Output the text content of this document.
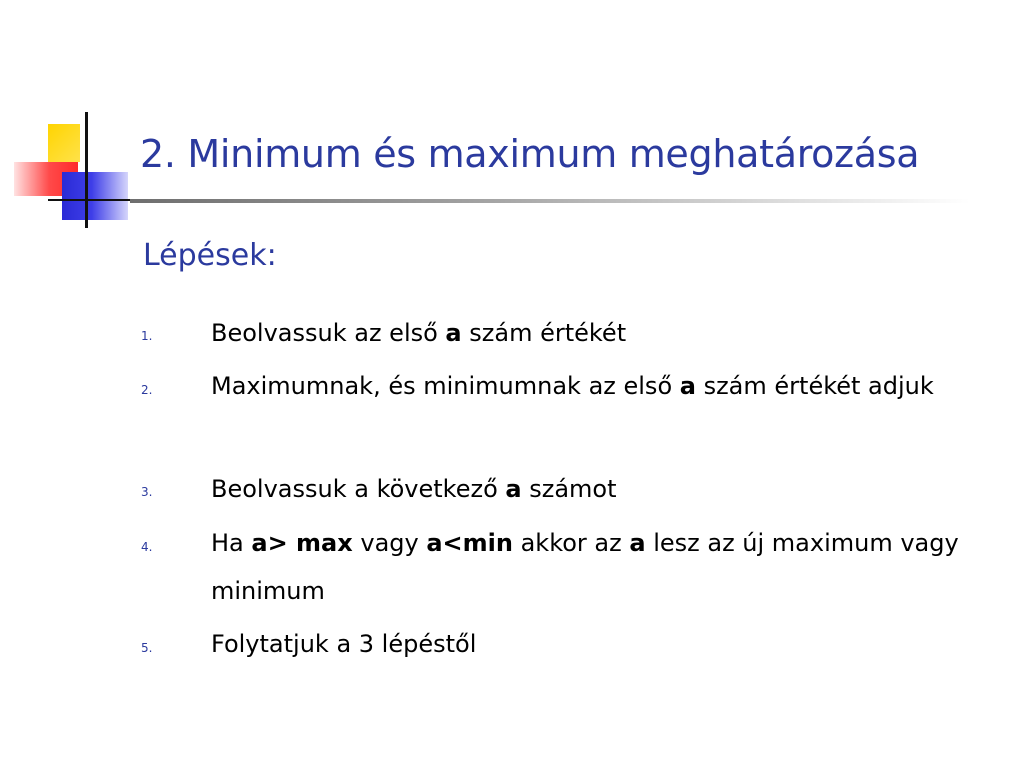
2. Minimum és maximum meghatározása
Lépések:
1. Beolvassuk az első a szám értékét
2. Maximumnak, és minimumnak az első a szám értékét adjuk
3. Beolvassuk a következő a számot
4. Ha a> max vagy a<min akkor az a lesz az új maximum vagy minimum
5. Folytatjuk a 3 lépéstől
